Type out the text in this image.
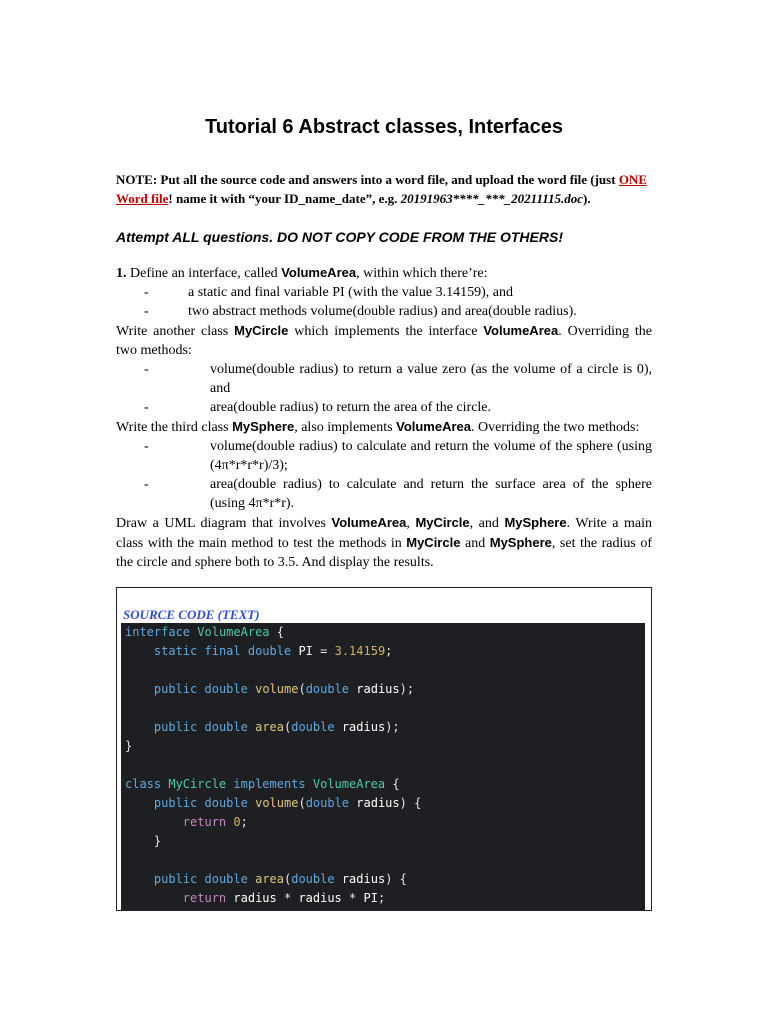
Tutorial 6 Abstract classes, Interfaces
NOTE: Put all the source code and answers into a word file, and upload the word file (just ONE Word file! name it with “your ID_name_date”, e.g. 20191963****_***_20211115.doc).
Attempt ALL questions. DO NOT COPY CODE FROM THE OTHERS!

1. Define an interface, called VolumeArea, within which there’re:

-	a static and final variable PI (with the value 3.14159), and
-	two abstract methods volume(double radius) and area(double radius).

Write another class MyCircle which implements the interface VolumeArea. Overriding the two methods:

-	volume(double radius) to return a value zero (as the volume of a circle is 0), and
-	area(double radius) to return the area of the circle.

Write the third class MySphere, also implements VolumeArea. Overriding the two methods:

-	volume(double radius) to calculate and return the volume of the sphere (using (4π*r*r*r)/3);
-	area(double radius) to calculate and return the surface area of the sphere (using 4π*r*r).

Draw a UML diagram that involves VolumeArea, MyCircle, and MySphere. Write a main class with the main method to test the methods in MyCircle and MySphere, set the radius of the circle and sphere both to 3.5. And display the results.

SOURCE CODE (TEXT)
interface VolumeArea {
static final double PI = 3.14159;

public double volume(double radius);

public double area(double radius);
}

class MyCircle implements VolumeArea {
public double volume(double radius) {
return 0;
}

public double area(double radius) {
return radius * radius * PI;
